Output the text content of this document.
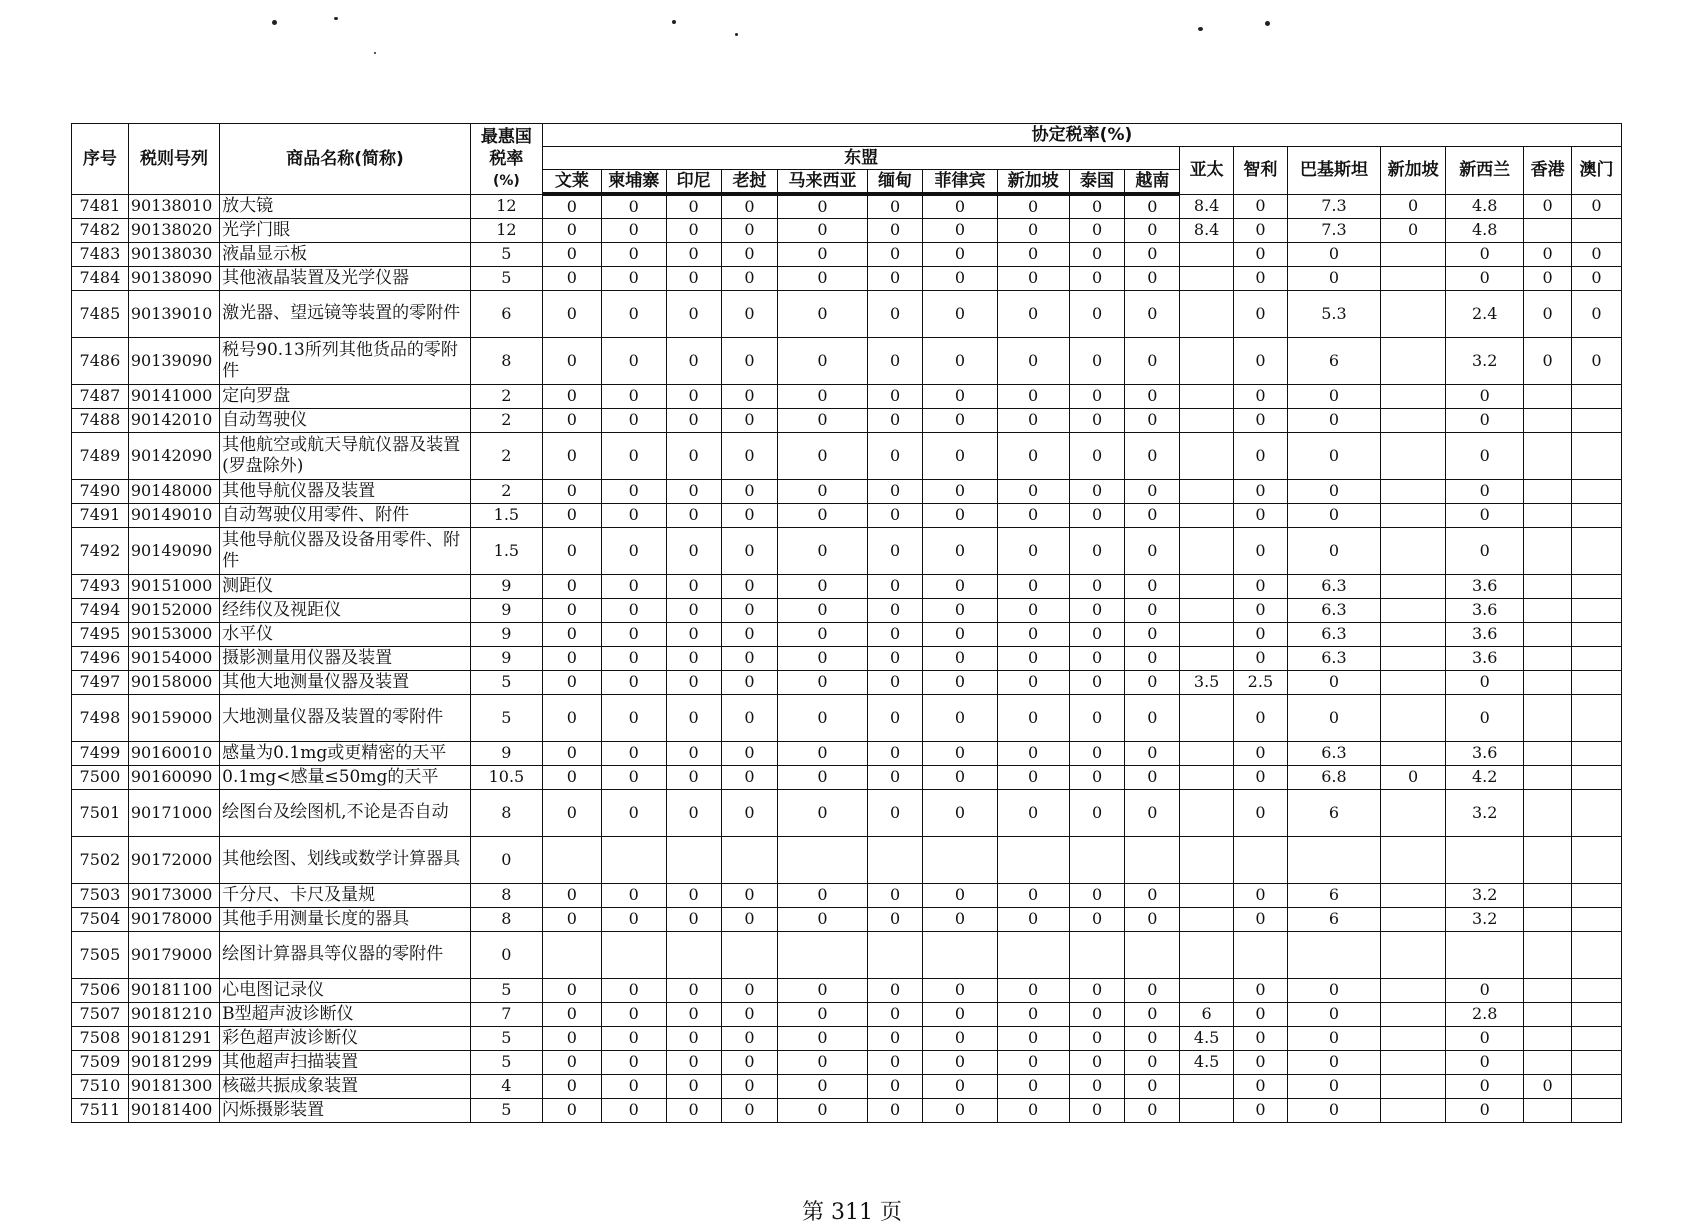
序号	税则号列	商品名称(简称)	最惠国
税率
(%)	协定税率(%)																
				东盟										亚太	智利	巴基斯坦	新加坡	新西兰	香港	澳门
				文莱	柬埔寨	印尼	老挝	马来西亚	缅甸	菲律宾	新加坡	泰国	越南							
7481	90138010	放大镜	12	0	0	0	0	0	0	0	0	0	0	8.4	0	7.3	0	4.8	0	0
7482	90138020	光学门眼	12	0	0	0	0	0	0	0	0	0	0	8.4	0	7.3	0	4.8		
7483	90138030	液晶显示板	5	0	0	0	0	0	0	0	0	0	0		0	0		0	0	0
7484	90138090	其他液晶装置及光学仪器	5	0	0	0	0	0	0	0	0	0	0		0	0		0	0	0
7485	90139010	激光器、望远镜等装置的零附件	6	0	0	0	0	0	0	0	0	0	0		0	5.3		2.4	0	0
7486	90139090	税号90.13所列其他货品的零附件	8	0	0	0	0	0	0	0	0	0	0		0	6		3.2	0	0
7487	90141000	定向罗盘	2	0	0	0	0	0	0	0	0	0	0		0	0		0		
7488	90142010	自动驾驶仪	2	0	0	0	0	0	0	0	0	0	0		0	0		0		
7489	90142090	其他航空或航天导航仪器及装置(罗盘除外)	2	0	0	0	0	0	0	0	0	0	0		0	0		0		
7490	90148000	其他导航仪器及装置	2	0	0	0	0	0	0	0	0	0	0		0	0		0		
7491	90149010	自动驾驶仪用零件、附件	1.5	0	0	0	0	0	0	0	0	0	0		0	0		0		
7492	90149090	其他导航仪器及设备用零件、附件	1.5	0	0	0	0	0	0	0	0	0	0		0	0		0		
7493	90151000	测距仪	9	0	0	0	0	0	0	0	0	0	0		0	6.3		3.6		
7494	90152000	经纬仪及视距仪	9	0	0	0	0	0	0	0	0	0	0		0	6.3		3.6		
7495	90153000	水平仪	9	0	0	0	0	0	0	0	0	0	0		0	6.3		3.6		
7496	90154000	摄影测量用仪器及装置	9	0	0	0	0	0	0	0	0	0	0		0	6.3		3.6		
7497	90158000	其他大地测量仪器及装置	5	0	0	0	0	0	0	0	0	0	0	3.5	2.5	0		0		
7498	90159000	大地测量仪器及装置的零附件	5	0	0	0	0	0	0	0	0	0	0		0	0		0		
7499	90160010	感量为0.1mg或更精密的天平	9	0	0	0	0	0	0	0	0	0	0		0	6.3		3.6		
7500	90160090	0.1mg<感量≤50mg的天平	10.5	0	0	0	0	0	0	0	0	0	0		0	6.8	0	4.2		
7501	90171000	绘图台及绘图机,不论是否自动	8	0	0	0	0	0	0	0	0	0	0		0	6		3.2		
7502	90172000	其他绘图、划线或数学计算器具	0																	
7503	90173000	千分尺、卡尺及量规	8	0	0	0	0	0	0	0	0	0	0		0	6		3.2		
7504	90178000	其他手用测量长度的器具	8	0	0	0	0	0	0	0	0	0	0		0	6		3.2		
7505	90179000	绘图计算器具等仪器的零附件	0																	
7506	90181100	心电图记录仪	5	0	0	0	0	0	0	0	0	0	0		0	0		0		
7507	90181210	B型超声波诊断仪	7	0	0	0	0	0	0	0	0	0	0	6	0	0		2.8		
7508	90181291	彩色超声波诊断仪	5	0	0	0	0	0	0	0	0	0	0	4.5	0	0		0		
7509	90181299	其他超声扫描装置	5	0	0	0	0	0	0	0	0	0	0	4.5	0	0		0		
7510	90181300	核磁共振成象装置	4	0	0	0	0	0	0	0	0	0	0		0	0		0	0	
7511	90181400	闪烁摄影装置	5	0	0	0	0	0	0	0	0	0	0		0	0		0		
第 311 页
